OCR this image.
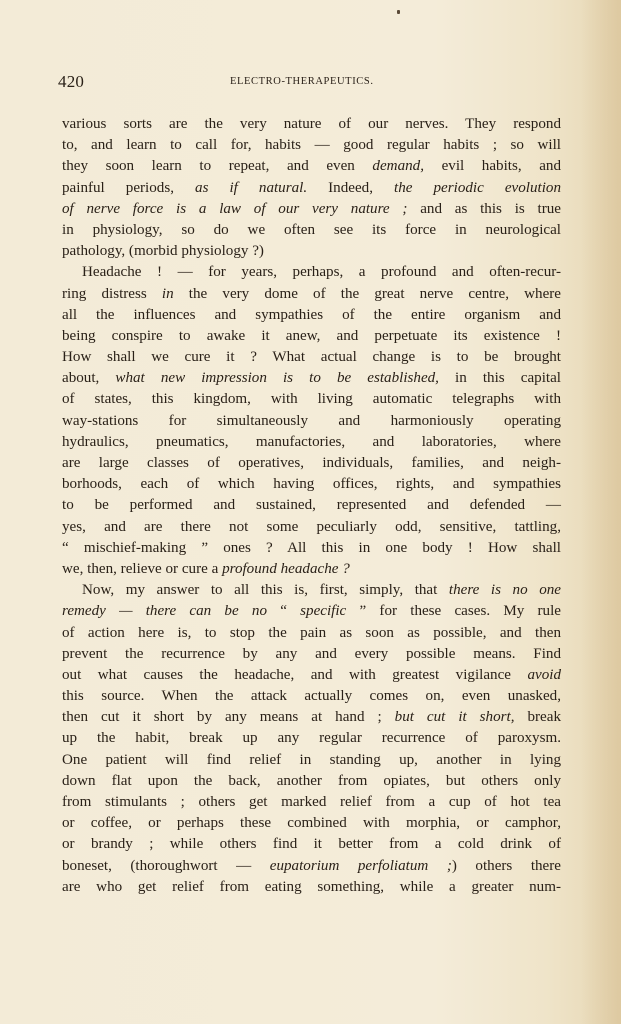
420	ELECTRO-THERAPEUTICS.
various sorts are the very nature of our nerves. They respond
to, and learn to call for, habits — good regular habits ; so will
they soon learn to repeat, and even demand, evil habits, and
painful periods, as if natural. Indeed, the periodic evolution
of nerve force is a law of our very nature ; and as this is true
in physiology, so do we often see its force in neurological
pathology, (morbid physiology ?)
Headache ! — for years, perhaps, a profound and often-recur-
ring distress in the very dome of the great nerve centre, where
all the influences and sympathies of the entire organism and
being conspire to awake it anew, and perpetuate its existence !
How shall we cure it ? What actual change is to be brought
about, what new impression is to be established, in this capital
of states, this kingdom, with living automatic telegraphs with
way-stations for simultaneously and harmoniously operating
hydraulics, pneumatics, manufactories, and laboratories, where
are large classes of operatives, individuals, families, and neigh-
borhoods, each of which having offices, rights, and sympathies
to be performed and sustained, represented and defended —
yes, and are there not some peculiarly odd, sensitive, tattling,
“ mischief-making ” ones ? All this in one body ! How shall
we, then, relieve or cure a profound headache ?
Now, my answer to all this is, first, simply, that there is no one
remedy — there can be no “ specific ” for these cases. My rule
of action here is, to stop the pain as soon as possible, and then
prevent the recurrence by any and every possible means. Find
out what causes the headache, and with greatest vigilance avoid
this source. When the attack actually comes on, even unasked,
then cut it short by any means at hand ; but cut it short, break
up the habit, break up any regular recurrence of paroxysm.
One patient will find relief in standing up, another in lying
down flat upon the back, another from opiates, but others only
from stimulants ; others get marked relief from a cup of hot tea
or coffee, or perhaps these combined with morphia, or camphor,
or brandy ; while others find it better from a cold drink of
boneset, (thoroughwort — eupatorium perfoliatum ;) others there
are who get relief from eating something, while a greater num-
